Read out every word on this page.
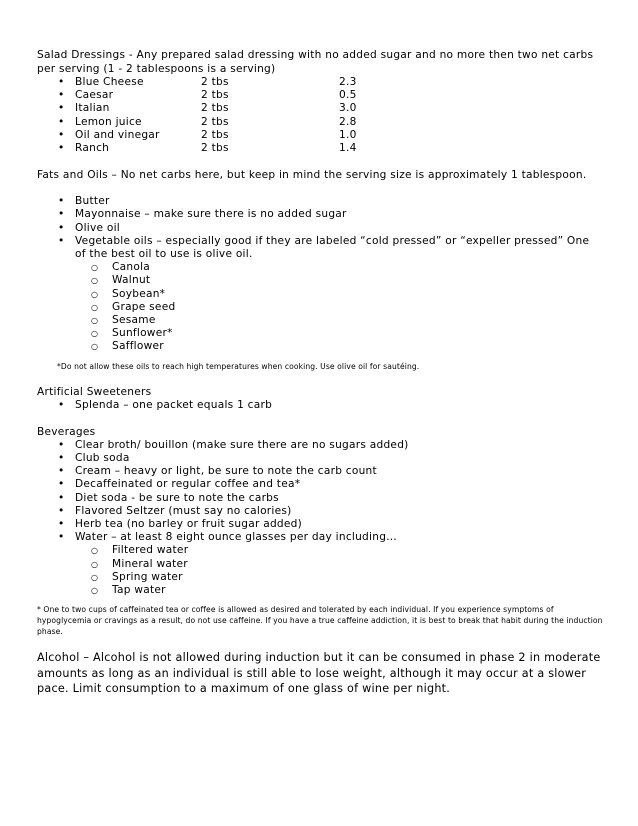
Salad Dressings - Any prepared salad dressing with no added sugar and no more then two net carbs per serving (1 - 2 tablespoons is a serving)

• Blue Cheese	2 tbs	2.3
• Caesar	2 tbs	0.5
• Italian	2 tbs	3.0
• Lemon juice	2 tbs	2.8
• Oil and vinegar	2 tbs	1.0
• Ranch	2 tbs	1.4

Fats and Oils – No net carbs here, but keep in mind the serving size is approximately 1 tablespoon.

• Butter
• Mayonnaise – make sure there is no added sugar
• Olive oil
• Vegetable oils – especially good if they are labeled “cold pressed” or “expeller pressed” One of the best oil to use is olive oil.
○ Canola
○ Walnut
○ Soybean*
○ Grape seed
○ Sesame
○ Sunflower*
○ Safflower

*Do not allow these oils to reach high temperatures when cooking. Use olive oil for sautéing.

Artificial Sweeteners

• Splenda – one packet equals 1 carb

Beverages

• Clear broth/ bouillon (make sure there are no sugars added)
• Club soda
• Cream – heavy or light, be sure to note the carb count
• Decaffeinated or regular coffee and tea*
• Diet soda - be sure to note the carbs
• Flavored Seltzer (must say no calories)
• Herb tea (no barley or fruit sugar added)
• Water – at least 8 eight ounce glasses per day including…
○ Filtered water
○ Mineral water
○ Spring water
○ Tap water

* One to two cups of caffeinated tea or coffee is allowed as desired and tolerated by each individual. If you experience symptoms of hypoglycemia or cravings as a result, do not use caffeine. If you have a true caffeine addiction, it is best to break that habit during the induction phase.

Alcohol – Alcohol is not allowed during induction but it can be consumed in phase 2 in moderate amounts as long as an individual is still able to lose weight, although it may occur at a slower pace. Limit consumption to a maximum of one glass of wine per night.
